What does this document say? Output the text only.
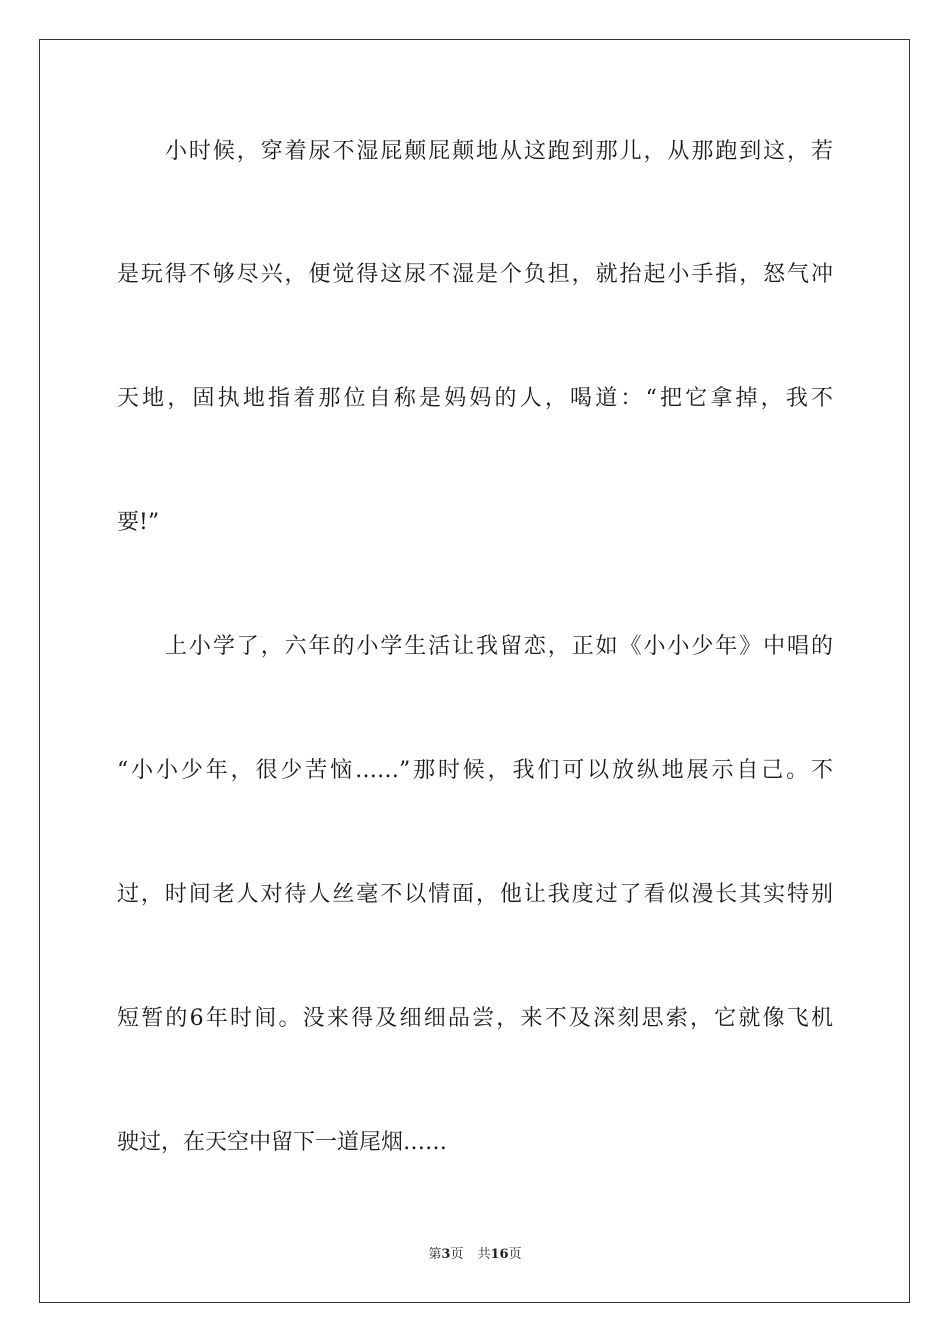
小时候，穿着尿不湿屁颠屁颠地从这跑到那儿，从那跑到这，若
是玩得不够尽兴，便觉得这尿不湿是个负担，就抬起小手指，怒气冲
天地，固执地指着那位自称是妈妈的人，喝道：“把它拿掉，我不
要!”
上小学了，六年的小学生活让我留恋，正如《小小少年》中唱的
“小小少年，很少苦恼……”那时候，我们可以放纵地展示自己。不
过，时间老人对待人丝毫不以情面，他让我度过了看似漫长其实特别
短暂的6年时间。没来得及细细品尝，来不及深刻思索，它就像飞机
驶过，在天空中留下一道尾烟……
第3页 共16页
